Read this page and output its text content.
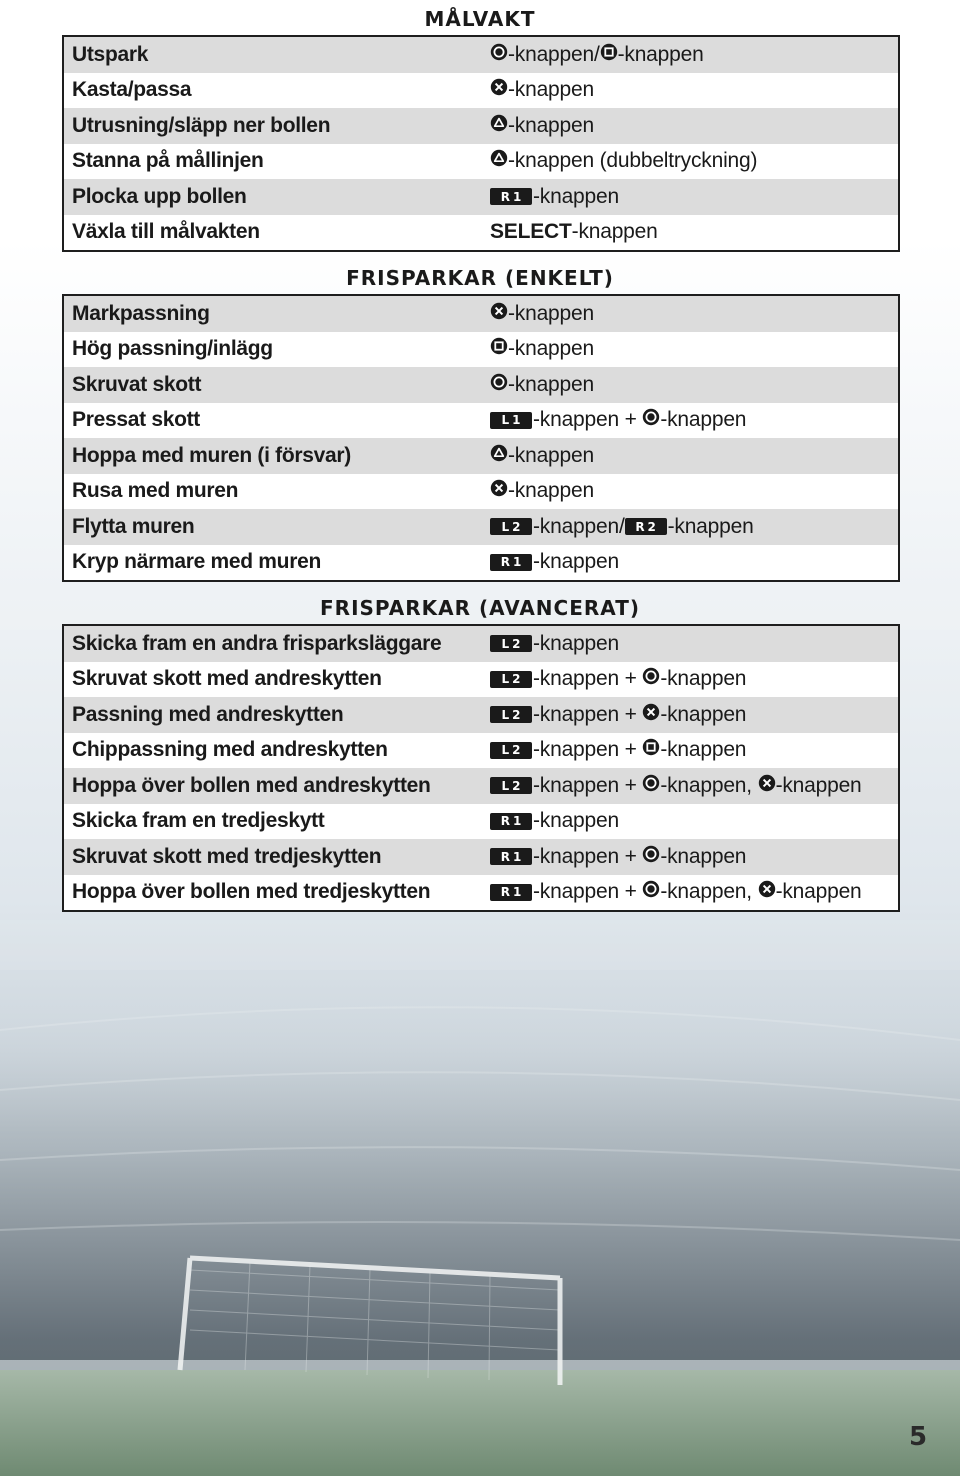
MÅLVAKT
Utspark	-knappen/ -knappen
Kasta/passa	-knappen
Utrusning/släpp ner bollen	-knappen
Stanna på mållinjen	-knappen (dubbeltryckning)
Plocka upp bollen	R1 -knappen
Växla till målvakten	SELECT -knappen
FRISPARKAR (ENKELT)
Markpassning	-knappen
Hög passning/inlägg	-knappen
Skruvat skott	-knappen
Pressat skott	L1 -knappen + -knappen
Hoppa med muren (i försvar)	-knappen
Rusa med muren	-knappen
Flytta muren	L2 -knappen/ R2 -knappen
Kryp närmare med muren	R1 -knappen
FRISPARKAR (AVANCERAT)
Skicka fram en andra frisparksläggare	L2 -knappen
Skruvat skott med andreskytten	L2 -knappen + -knappen
Passning med andreskytten	L2 -knappen + -knappen
Chippassning med andreskytten	L2 -knappen + -knappen
Hoppa över bollen med andreskytten	L2 -knappen + -knappen, -knappen
Skicka fram en tredjeskytt	R1 -knappen
Skruvat skott med tredjeskytten	R1 -knappen + -knappen
Hoppa över bollen med tredjeskytten	R1 -knappen + -knappen, -knappen
5
